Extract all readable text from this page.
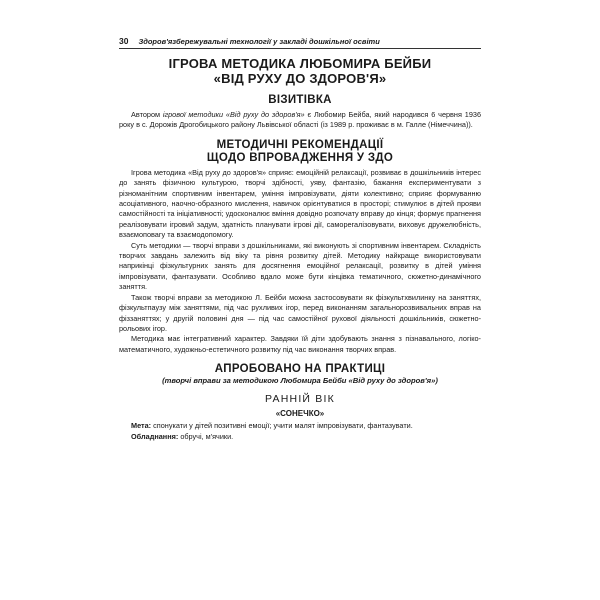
30 Здоров'язбережувальні технології у закладі дошкільної освіти
ІГРОВА МЕТОДИКА ЛЮБОМИРА БЕЙБИ
«ВІД РУХУ ДО ЗДОРОВ'Я»
ВІЗИТІВКА

Автором ігрової методики «Від руху до здоров'я» є Любомир Бейба, який народився 6 червня 1936 року в с. Дорожів Дрогобицького району Львівської області (із 1989 р. проживає в м. Галле (Німеччина)).

МЕТОДИЧНІ РЕКОМЕНДАЦІЇ
ЩОДО ВПРОВАДЖЕННЯ У ЗДО

Ігрова методика «Від руху до здоров'я» сприяє: емоційній релаксації, розвиває в дошкільників інтерес до занять фізичною культурою, творчі здібності, уяву, фантазію, бажання експериментувати з різноманітним спортивним інвентарем, уміння імпровізувати, діяти колективно; сприяє формуванню асоціативного, наочно-образного мислення, навичок орієнтуватися в просторі; стимулює в дітей прояви самостійності та ініціативності; удосконалює вміння довідно розпочату вправу до кінця; формує прагнення реалізовувати ігровий задум, здатність планувати ігрові дії, саморегалізовувати, виховує дружелюбність, взаємоповагу та взаємодопомогу.

Суть методики — творчі вправи з дошкільниками, які виконують зі спортивним інвентарем. Складність творчих завдань залежить від віку та рівня розвитку дітей. Методику найкраще використовувати наприкінці фізкультурних занять для досягнення емоційної релаксації, розвитку в дітей уміння імпровізувати, фантазувати. Особливо вдало може бути кінцівка тематичного, сюжетно-динамічного заняття.

Також творчі вправи за методикою Л. Бейби можна застосовувати як фізкультхвилинку на заняттях, фізкультпаузу між заняттями, під час рухливих ігор, перед виконанням загальнорозвивальних вправ на фіззаняттях; у другій половині дня — під час самостійної рухової діяльності дошкільників, сюжетно-рольових ігор.

Методика має інтегративний характер. Завдяки їй діти здобувають знання з пізнавального, логіко-математичного, художньо-естетичного розвитку під час виконання творчих вправ.

АПРОБОВАНО НА ПРАКТИЦІ
(творчі вправи за методикою Любомира Бейби «Від руху до здоров'я»)
РАННІЙ ВІК
«СОНЕЧКО»

Мета: спонукати у дітей позитивні емоції; учити малят імпровізувати, фантазувати.

Обладнання: обручі, м'ячики.
